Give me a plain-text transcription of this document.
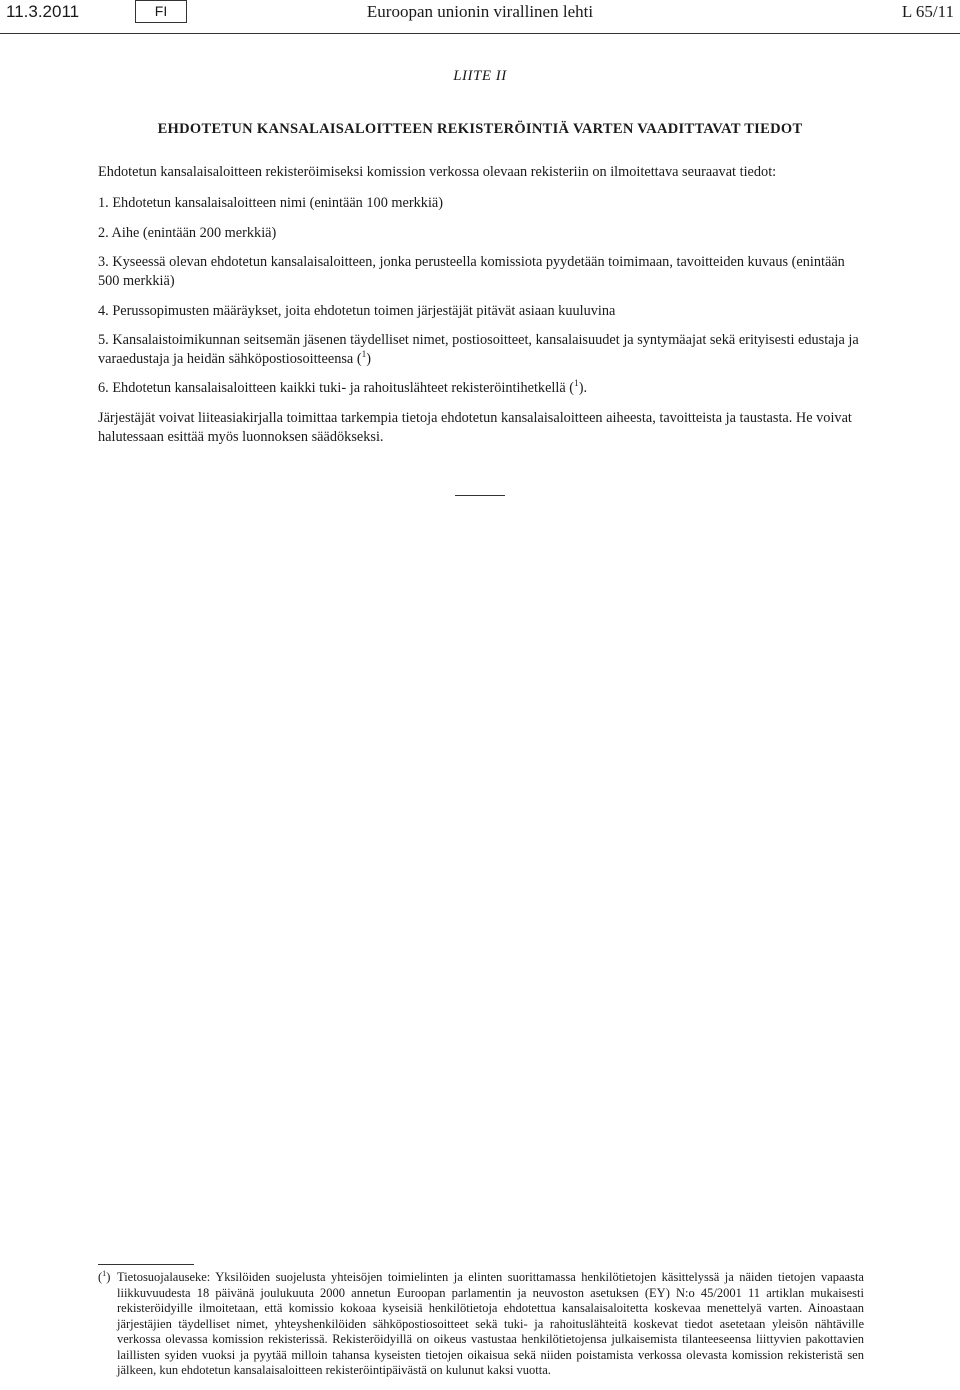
11.3.2011	FI	Euroopan unionin virallinen lehti	L 65/11
LIITE II
EHDOTETUN KANSALAISALOITTEEN REKISTERÖINTIÄ VARTEN VAADITTAVAT TIEDOT
Ehdotetun kansalaisaloitteen rekisteröimiseksi komission verkossa olevaan rekisteriin on ilmoitettava seuraavat tiedot:
1. Ehdotetun kansalaisaloitteen nimi (enintään 100 merkkiä)
2. Aihe (enintään 200 merkkiä)
3. Kyseessä olevan ehdotetun kansalaisaloitteen, jonka perusteella komissiota pyydetään toimimaan, tavoitteiden kuvaus (enintään 500 merkkiä)
4. Perussopimusten määräykset, joita ehdotetun toimen järjestäjät pitävät asiaan kuuluvina
5. Kansalaistoimikunnan seitsemän jäsenen täydelliset nimet, postiosoitteet, kansalaisuudet ja syntymäajat sekä erityisesti edustaja ja varaedustaja ja heidän sähköpostiosoitteensa ($^1$)
6. Ehdotetun kansalaisaloitteen kaikki tuki- ja rahoituslähteet rekisteröintihetkellä ($^1$).
Järjestäjät voivat liiteasiakirjalla toimittaa tarkempia tietoja ehdotetun kansalaisaloitteen aiheesta, tavoitteista ja taustasta. He voivat halutessaan esittää myös luonnoksen säädökseksi.
($^1$) Tietosuojalauseke: Yksilöiden suojelusta yhteisöjen toimielinten ja elinten suorittamassa henkilötietojen käsittelyssä ja näiden tietojen vapaasta liikkuvuudesta 18 päivänä joulukuuta 2000 annetun Euroopan parlamentin ja neuvoston asetuksen (EY) N:o 45/2001 11 artiklan mukaisesti rekisteröidyille ilmoitetaan, että komissio kokoaa kyseisiä henkilötietoja ehdotettua kansalaisaloitetta koskevaa menettelyä varten. Ainoastaan järjestäjien täydelliset nimet, yhteyshenkilöiden sähköpostiosoitteet sekä tuki- ja rahoituslähteitä koskevat tiedot asetetaan yleisön nähtäville verkossa olevassa komission rekisterissä. Rekisteröidyillä on oikeus vastustaa henkilötietojensa julkaisemista tilanteeseensa liittyvien pakottavien laillisten syiden vuoksi ja pyytää milloin tahansa kyseisten tietojen oikaisua sekä niiden poistamista verkossa olevasta komission rekisteristä sen jälkeen, kun ehdotetun kansalaisaloitteen rekisteröintipäivästä on kulunut kaksi vuotta.
